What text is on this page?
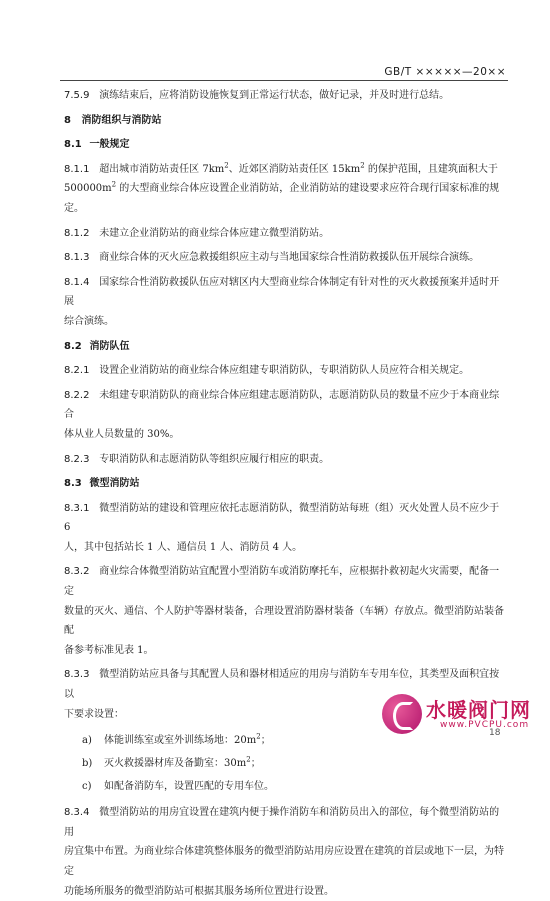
GB/T ×××××—20××

7.5.9 演练结束后，应将消防设施恢复到正常运行状态，做好记录，并及时进行总结。

8 消防组织与消防站

8.1 一般规定

8.1.1 超出城市消防站责任区 $7km^2$、近郊区消防站责任区 $15km^2$ 的保护范围，且建筑面积大于
$500000m^2$ 的大型商业综合体应设置企业消防站，企业消防站的建设要求应符合现行国家标准的规定。

8.1.2 未建立企业消防站的商业综合体应建立微型消防站。

8.1.3 商业综合体的灭火应急救援组织应主动与当地国家综合性消防救援队伍开展综合演练。

8.1.4 国家综合性消防救援队伍应对辖区内大型商业综合体制定有针对性的灭火救援预案并适时开展
综合演练。

8.2 消防队伍

8.2.1 设置企业消防站的商业综合体应组建专职消防队，专职消防队人员应符合相关规定。

8.2.2 未组建专职消防队的商业综合体应组建志愿消防队，志愿消防队员的数量不应少于本商业综合
体从业人员数量的 30%。

8.2.3 专职消防队和志愿消防队等组织应履行相应的职责。

8.3 微型消防站

8.3.1 微型消防站的建设和管理应依托志愿消防队，微型消防站每班（组）灭火处置人员不应少于 6
人，其中包括站长 1 人、通信员 1 人、消防员 4 人。

8.3.2 商业综合体微型消防站宜配置小型消防车或消防摩托车，应根据扑救初起火灾需要，配备一定
数量的灭火、通信、个人防护等器材装备，合理设置消防器材装备（车辆）存放点。微型消防站装备配
备参考标准见表 1。

8.3.3 微型消防站应具备与其配置人员和器材相适应的用房与消防车专用车位，其类型及面积宜按以
下要求设置：

a) 体能训练室或室外训练场地：$20m^2$；

b) 灭火救援器材库及备勤室：$30m^2$；

c) 如配备消防车，设置匹配的专用车位。

8.3.4 微型消防站的用房宜设置在建筑内便于操作消防车和消防员出入的部位，每个微型消防站的用
房宜集中布置。为商业综合体建筑整体服务的微型消防站用房应设置在建筑的首层或地下一层，为特定
功能场所服务的微型消防站可根据其服务场所位置进行设置。

水暖阀门网
www.PVCPU.com
18
